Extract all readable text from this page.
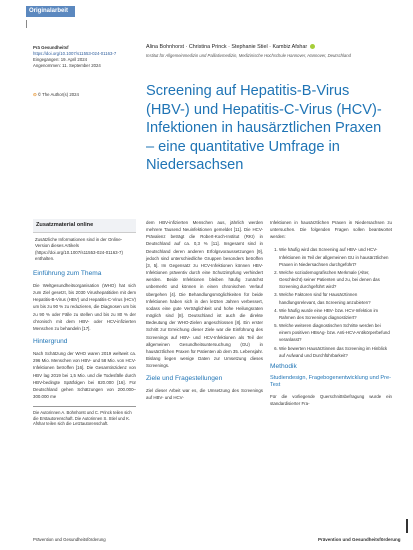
Originalarbeit
Prä Gesundheitsf
https://doi.org/10.1007/s11553-024-01163-7
Eingegangen: 19. April 2024
Angenommen: 11. September 2024
⊙ © The Author(s) 2024
Alina Bohnhorst · Christina Princk · Stephanie Stiel · Kambiz Afshar
Institut für Allgemeinmedizin und Palliativmedizin, Medizinische Hochschule Hannover, Hannover, Deutschland
Screening auf Hepatitis-B-Virus (HBV-) und Hepatitis-C-Virus (HCV)-Infektionen in hausärztlichen Praxen – eine quantitative Umfrage in Niedersachsen
Zusatzmaterial online
Zusätzliche Informationen sind in der Online-Version dieses Artikels (https://doi.org/10.1007/s11553-024-01163-7) enthalten.
Einführung zum Thema

Die Weltgesundheitsorganisation (WHO) hat sich zum Ziel gesetzt, bis 2030 Virushepatitiden mit dem Hepatitis-B-Virus (HBV) und Hepatitis-C-Virus (HCV) um bis zu 90 % zu reduzieren, die Diagnosen um bis zu 90 % oder Fälle zu stellen und bis zu 80 % der chronisch mit dem HBV- oder HCV-infizierten Menschen zu behandeln [17].

Hintergrund

Nach Schätzung der WHO waren 2019 weltweit ca. 296 Mio. Menschen von HBV- und 58 Mio. von HCV-Infektionen betroffen [16]. Die Gesamtinzidenz von HBV lag 2019 bei 1,5 Mio. und die Todesfälle durch HBV-bedingte Spätfolgen bei 820.000 [16]. Für Deutschland gehen Schätzungen von 200.000–300.000 me

Die Autorinnen A. Bohnhorst und C. Princk teilen sich die Erstautorenschaft. Die Autorinnen S. Stiel und K. Afshar teilen sich die Letztautorenschaft.

dem HBV-infizierten Menschen aus, jährlich werden mehrere Tausend Neuinfektionen gemeldet [11]. Die HCV-Prävalenz beträgt die Robert-Koch-Institut (RKI) in Deutschland auf ca. 0,3 % [11]. Insgesamt sind in Deutschland deren anderen Erfolgsvoraussetzungen [9], jedoch sind unterschiedliche Gruppen besonders betroffen [3, 5]. Im Gegensatz zu HCV-Infektionen können HBV-Infektionen präventiv durch eine Schutzimpfung verhindert werden. Beide Infektionen bleiben häufig zunächst unbemerkt und können in einen chronischen Verlauf übergehen [4]. Die Behandlungsmöglichkeiten für beide Infektionen haben sich in den letzten Jahren verbessert, sodass eine gute Verträglichkeit und hohe Heilungsraten möglich sind [8]. Deutschland ist auch die direkte Bedeutung der WHO-Zielen angeschlossen [8]. Ein erster Schritt zur Erreichung dieser Ziele war die Einführung des Screenings auf HBV- und HCV-Infektionen als Teil der allgemeinen Gesundheitsuntersuchung (GU) in hausärztlichen Praxen für Patienten ab dem 35. Lebensjahr. Bislang liegen wenige Daten zur Umsetzung dieses Screenings.

Ziele und Fragestellungen

Ziel dieser Arbeit war es, die Umsetzung des Screenings auf HBV- und HCV-

Infektionen in hausärztlichen Praxen in Niedersachsen zu untersuchen. Die folgenden Fragen sollen beantwortet werden:

1. Wie häufig wird das Screening auf HBV- und HCV-Infektionen im Teil der allgemeinen GU in hausärztlichen Praxen in Niedersachsen durchgeführt?
2. Welche soziodemografischen Merkmale (Alter, Geschlecht) seiner Patienten und zu, bei denen das Screening durchgeführt wird?
3. Welche Faktoren sind für Hausärztinnen handlungsrelevant, das Screening anzubieten?
4. Wie häufig wurde eine HBV- bzw. HCV-Infektion im Rahmen des Screenings diagnostiziert?
5. Welche weiteren diagnostischen Schritte werden bei einem positiven HBsAg- bzw. Anti-HCV-Antikörperbefund veranlasst?
6. Wie bewerten Hausärztinnen das Screening im Hinblick auf Aufwand und Durchführbarkeit?
Methodik
Studiendesign, Fragebogenentwicklung und Pre-Test

Für die vorliegende Querschnittsbefragung wurde ein standardisierter Fra-

Prävention und Gesundheitsförderung	Prävention und Gesundheitsförderung
